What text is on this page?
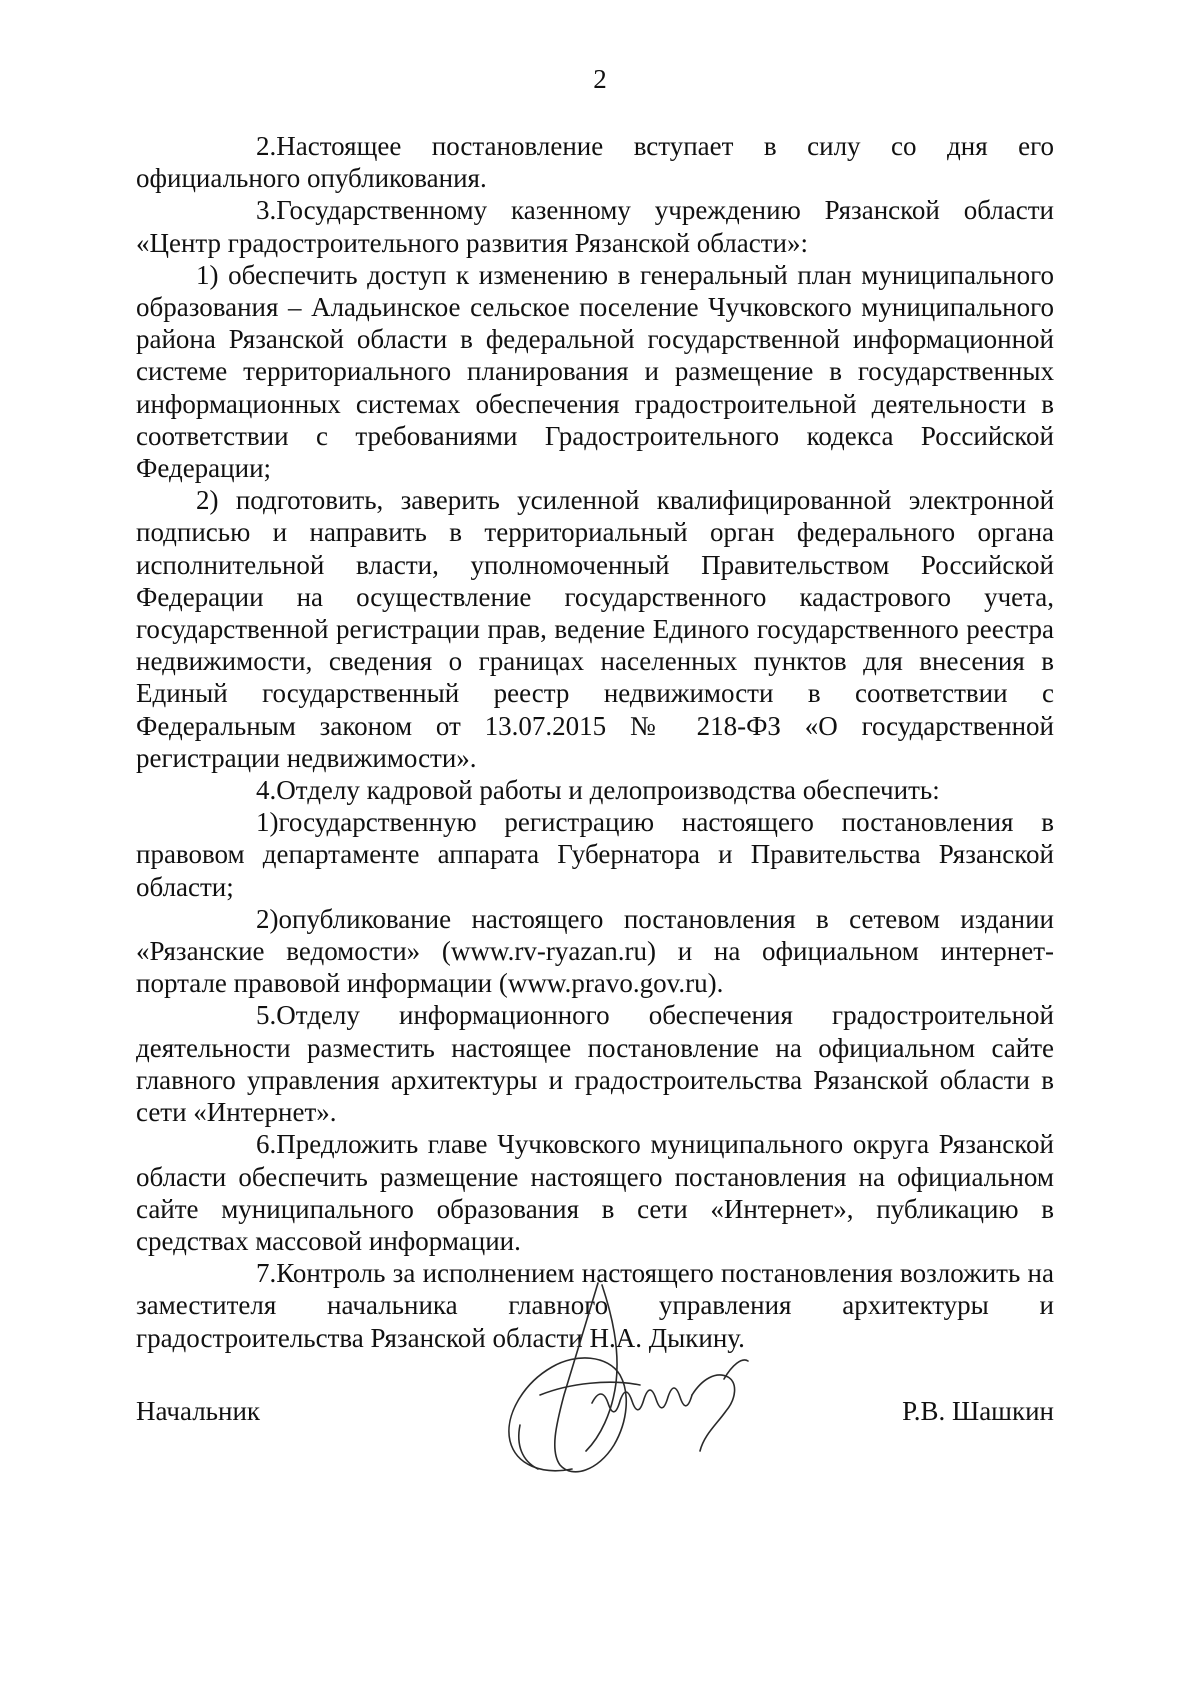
2

2.Настоящее постановление вступает в силу со дня его официального опубликования.

3.Государственному казенному учреждению Рязанской области «Центр градостроительного развития Рязанской области»:

1) обеспечить доступ к изменению в генеральный план муниципального образования – Аладьинское сельское поселение Чучковского муниципального района Рязанской области в федеральной государственной информационной системе территориального планирования и размещение в государственных информационных системах обеспечения градостроительной деятельности в соответствии с требованиями Градостроительного кодекса Российской Федерации;

2) подготовить, заверить усиленной квалифицированной электронной подписью и направить в территориальный орган федерального органа исполнительной власти, уполномоченный Правительством Российской Федерации на осуществление государственного кадастрового учета, государственной регистрации прав, ведение Единого государственного реестра недвижимости, сведения о границах населенных пунктов для внесения в Единый государственный реестр недвижимости в соответствии с Федеральным законом от 13.07.2015 № 218-ФЗ «О государственной регистрации недвижимости».

4.Отделу кадровой работы и делопроизводства обеспечить:

1)государственную регистрацию настоящего постановления в правовом департаменте аппарата Губернатора и Правительства Рязанской области;

2)опубликование настоящего постановления в сетевом издании «Рязанские ведомости» (www.rv-ryazan.ru) и на официальном интернет-портале правовой информации (www.pravo.gov.ru).

5.Отделу информационного обеспечения градостроительной деятельности разместить настоящее постановление на официальном сайте главного управления архитектуры и градостроительства Рязанской области в сети «Интернет».

6.Предложить главе Чучковского муниципального округа Рязанской области обеспечить размещение настоящего постановления на официальном сайте муниципального образования в сети «Интернет», публикацию в средствах массовой информации.

7.Контроль за исполнением настоящего постановления возложить на заместителя начальника главного управления архитектуры и градостроительства Рязанской области Н.А. Дыкину.

Начальник	Р.В. Шашкин
